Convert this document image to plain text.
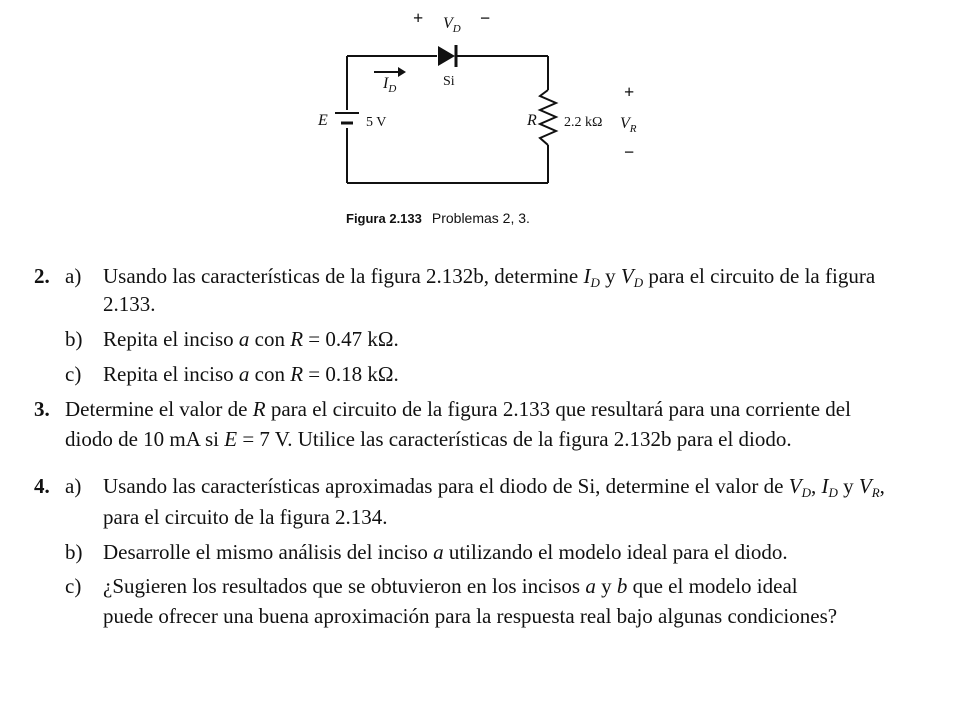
+ $V_D$
−
$I_D$	Si
E	5 V	R 2.2 kΩ
+
$V_R$
−
Figura 2.133 Problemas 2, 3.
2. a) Usando las características de la figura 2.132b, determine $I_D$ y $V_D$ para el circuito de la figura
2.133.
b) Repita el inciso a con R = 0.47 kΩ.
c) Repita el inciso a con R = 0.18 kΩ.
3. Determine el valor de R para el circuito de la figura 2.133 que resultará para una corriente del
diodo de 10 mA si E = 7 V. Utilice las características de la figura 2.132b para el diodo.
4. a) Usando las características aproximadas para el diodo de Si, determine el valor de $V_D$, $I_D$ y $V_R$,
para el circuito de la figura 2.134.
b) Desarrolle el mismo análisis del inciso a utilizando el modelo ideal para el diodo.
c) ¿Sugieren los resultados que se obtuvieron en los incisos a y b que el modelo ideal
puede ofrecer una buena aproximación para la respuesta real bajo algunas condiciones?
